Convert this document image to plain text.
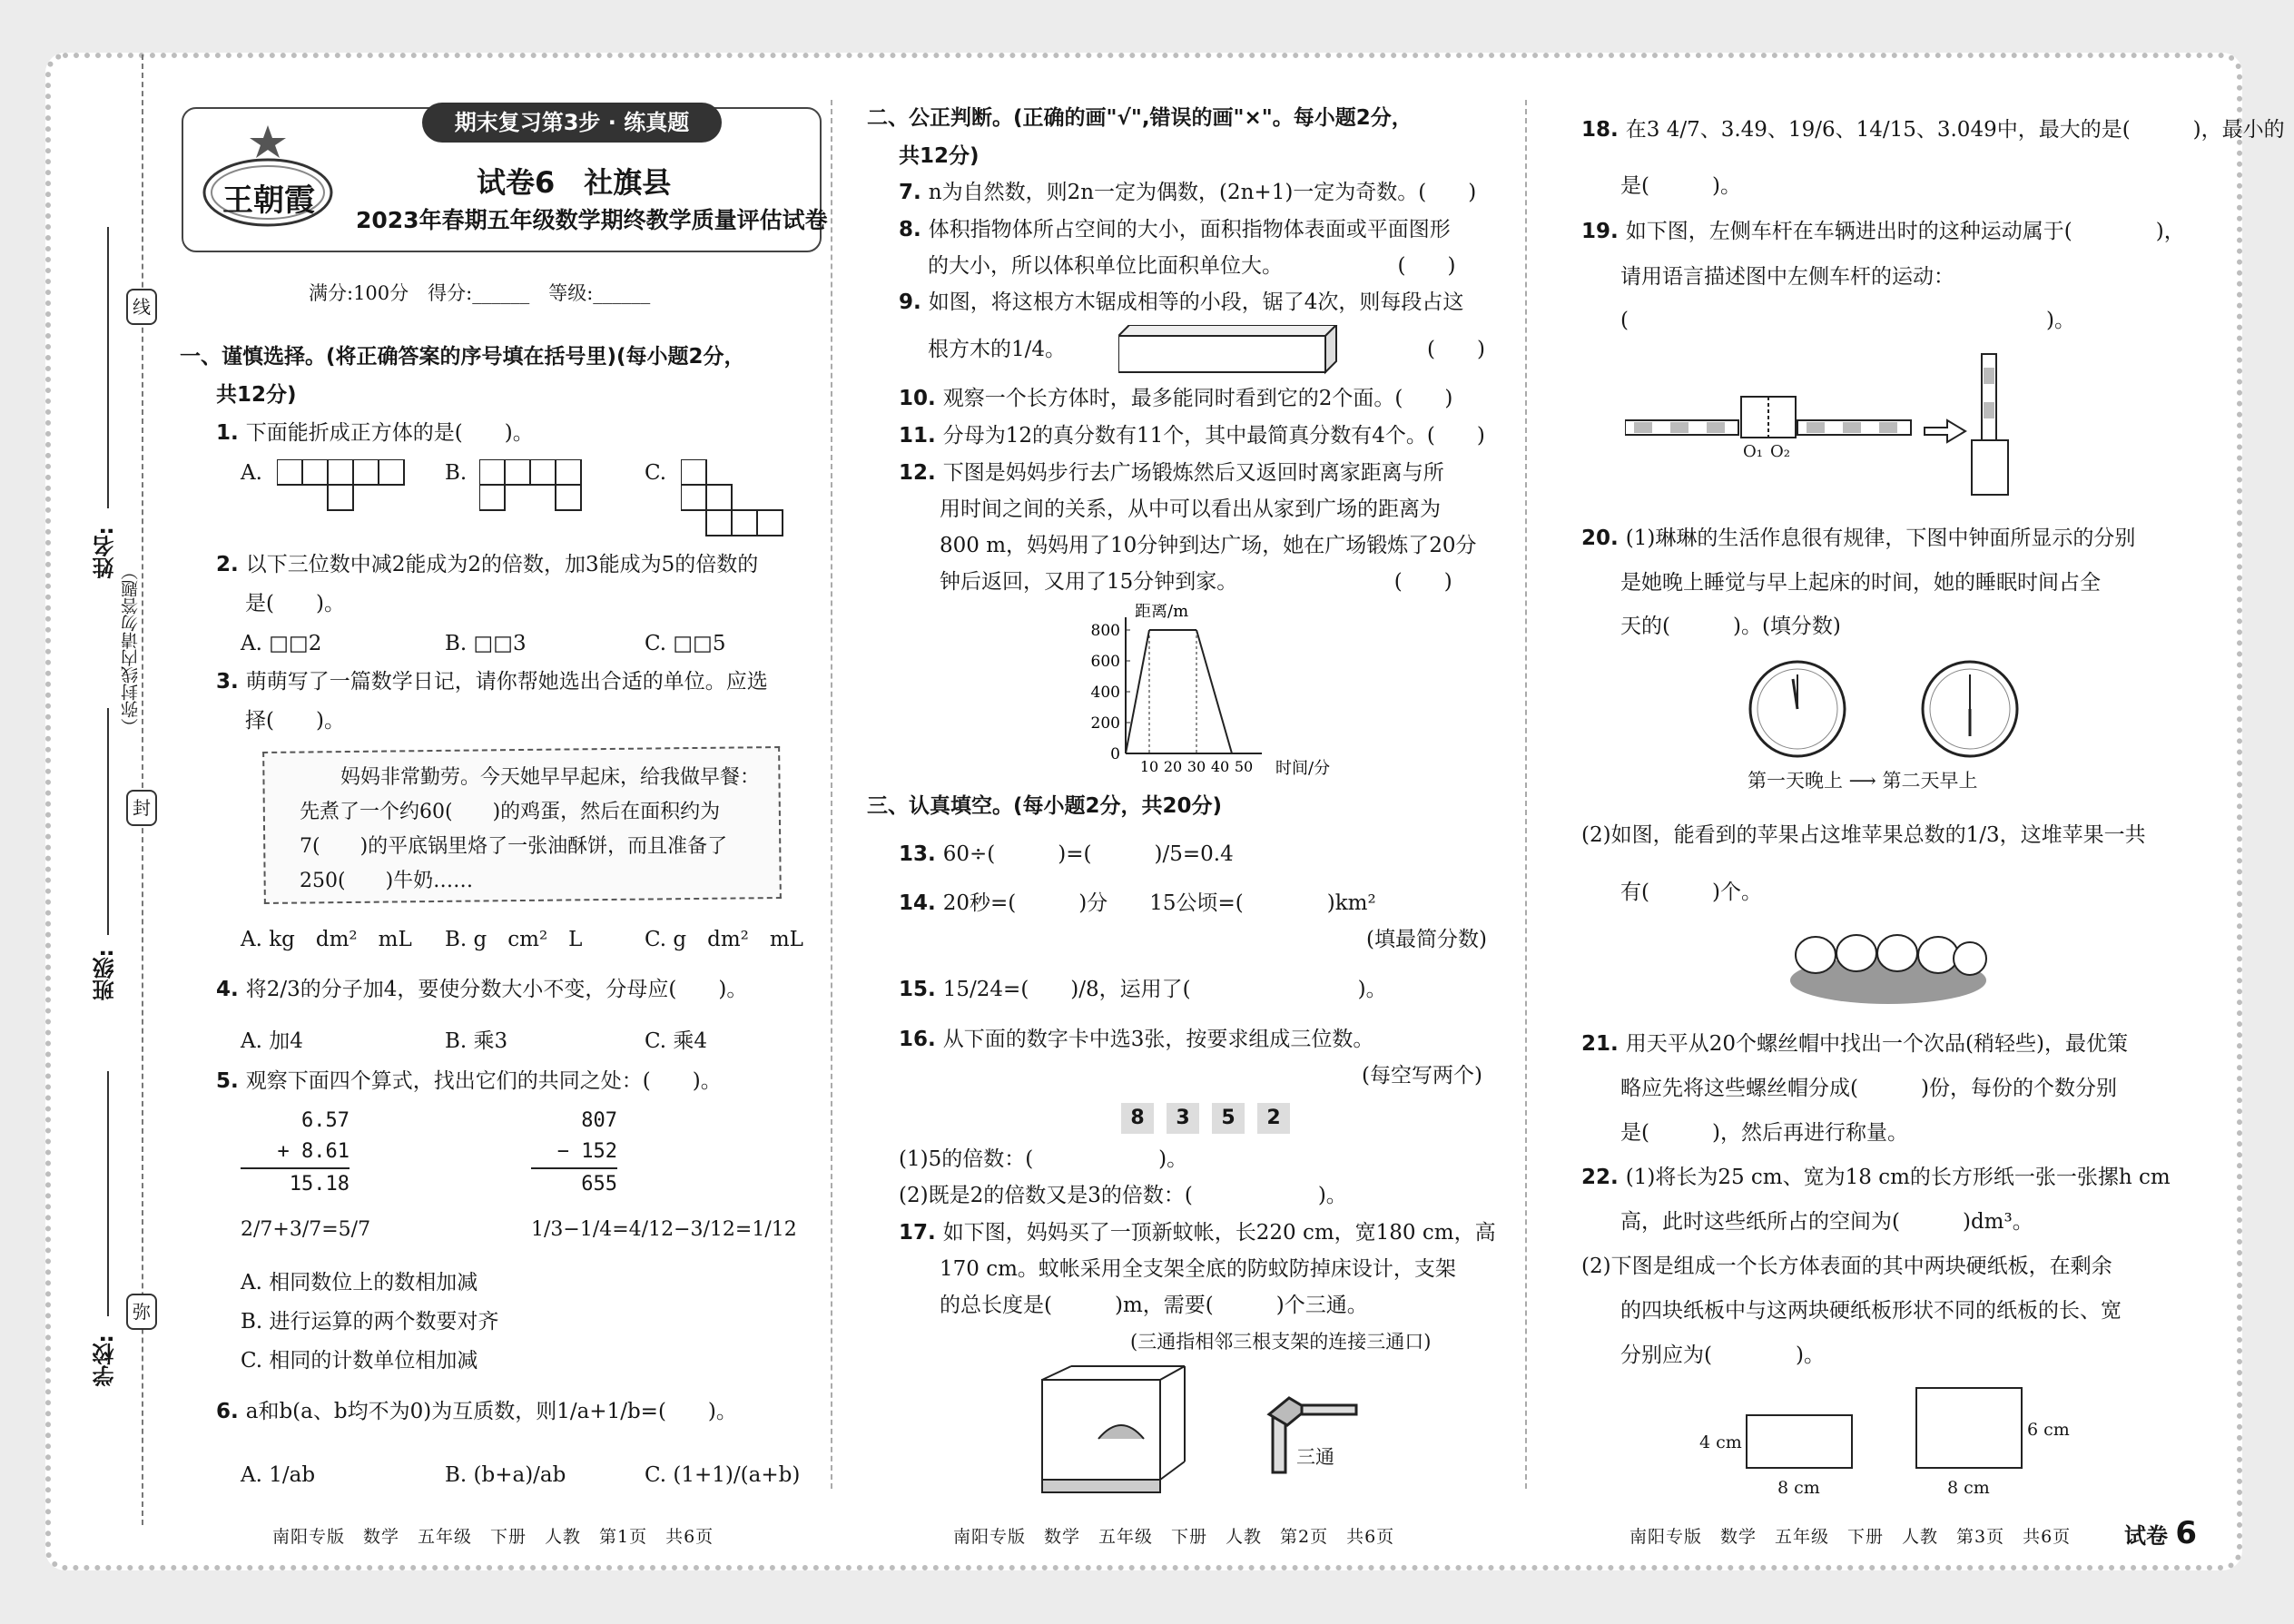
学校:
班级:
姓名:
（弥封线内请勿答题）
线
封
弥
王朝霞
期末复习第3步 · 练真题
试卷6　社旗县
2023年春期五年级数学期终教学质量评估试卷
满分:100分　得分:______　等级:______
一、谨慎选择。(将正确答案的序号填在括号里)(每小题2分，
共12分)
1. 下面能折成正方体的是(　　)。
A.	B.	C.
2. 以下三位数中减2能成为2的倍数，加3能成为5的倍数的
是(　　)。
A. □□2	B. □□3	C. □□5
3. 萌萌写了一篇数学日记，请你帮她选出合适的单位。应选
择(　　)。
妈妈非常勤劳。今天她早早起床，给我做早餐：
先煮了一个约60(　　)的鸡蛋，然后在面积约为
7(　　)的平底锅里烙了一张油酥饼，而且准备了
250(　　)牛奶……
A. kg　dm²　mL B. g　cm²　L	C. g　dm²　mL
4. 将2/3的分子加4，要使分数大小不变，分母应(　　)。
A. 加4	B. 乘3	C. 乘4
5. 观察下面四个算式，找出它们的共同之处：(　　)。
6.57
+ 8.61
15.18
807
− 152
655
2/7+3/7=5/7	1/3−1/4=4/12−3/12=1/12
A. 相同数位上的数相加减
B. 进行运算的两个数要对齐
C. 相同的计数单位相加减
6. a和b(a、b均不为0)为互质数，则1/a+1/b=(　　)。
A. 1/ab	B. (b+a)/ab	C. (1+1)/(a+b)
二、公正判断。(正确的画"√",错误的画"×"。每小题2分，
共12分)
7. n为自然数，则2n一定为偶数，(2n+1)一定为奇数。(　　)
8. 体积指物体所占空间的大小，面积指物体表面或平面图形
的大小，所以体积单位比面积单位大。　　　　　　(　　)
9. 如图，将这根方木锯成相等的小段，锯了4次，则每段占这
根方木的1/4。	(　　)
10. 观察一个长方体时，最多能同时看到它的2个面。(　　)
11. 分母为12的真分数有11个，其中最简真分数有4个。(　　)
12. 下图是妈妈步行去广场锻炼然后又返回时离家距离与所
用时间之间的关系，从中可以看出从家到广场的距离为
800 m，妈妈用了10分钟到达广场，她在广场锻炼了20分
钟后返回，又用了15分钟到家。　　　　　　　　(　　)
200
400
600
800
0
10 20 30 40 50
距离/m
时间/分
三、认真填空。(每小题2分，共20分)
13. 60÷(　　　)=(　　　)/5=0.4
14. 20秒=(　　　)分　　15公顷=(　　　　)km²
(填最简分数)
15. 15/24=(　　)/8，运用了(　　　　　　　　)。
16. 从下面的数字卡中选3张，按要求组成三位数。
(每空写两个)
8 3 5 2
(1)5的倍数：(　　　　　　)。
(2)既是2的倍数又是3的倍数：(　　　　　　)。
17. 如下图，妈妈买了一顶新蚊帐，长220 cm，宽180 cm，高
170 cm。蚊帐采用全支架全底的防蚊防掉床设计，支架
的总长度是(　　　)m，需要(　　　)个三通。
(三通指相邻三根支架的连接三通口)
三通
18. 在3 4/7、3.49、19/6、14/15、3.049中，最大的是(　　　)，最小的
是(　　　)。
19. 如下图，左侧车杆在车辆进出时的这种运动属于(　　　　)，
请用语言描述图中左侧车杆的运动：
(　　　　　　　　　　　　　　　　　　　　)。
O₁ O₂
20. (1)琳琳的生活作息很有规律，下图中钟面所显示的分别
是她晚上睡觉与早上起床的时间，她的睡眠时间占全
天的(　　　)。(填分数)
第一天晚上 ⟶ 第二天早上
(2)如图，能看到的苹果占这堆苹果总数的1/3，这堆苹果一共
有(　　　)个。
21. 用天平从20个螺丝帽中找出一个次品(稍轻些)，最优策
略应先将这些螺丝帽分成(　　　)份，每份的个数分别
是(　　　)，然后再进行称量。
22. (1)将长为25 cm、宽为18 cm的长方形纸一张一张摞h cm
高，此时这些纸所占的空间为(　　　)dm³。
(2)下图是组成一个长方体表面的其中两块硬纸板，在剩余
的四块纸板中与这两块硬纸板形状不同的纸板的长、宽
分别应为(　　　　)。
4 cm
8 cm
6 cm
8 cm
南阳专版　数学　五年级　下册　人教　第1页　共6页	南阳专版　数学　五年级　下册　人教　第2页　共6页	南阳专版　数学　五年级　下册　人教　第3页　共6页 试卷 6
